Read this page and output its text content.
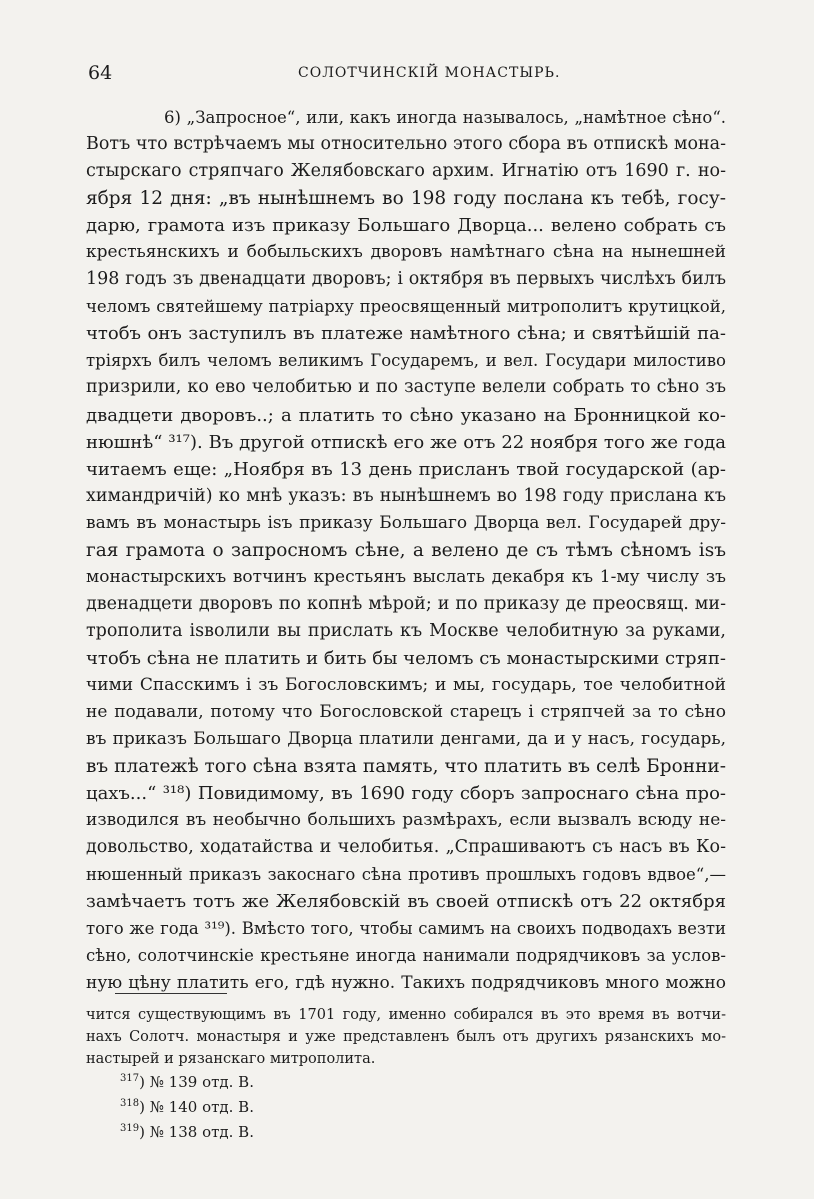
64	СОЛОТЧИНСКІЙ МОНАСТЫРЬ.
6) „Запросное“, или, какъ иногда называлось, „намѣтное сѣно“.
Вотъ что встрѣчаемъ мы относительно этого сбора въ отпискѣ мона-
стырскаго стряпчаго Желябовскаго архим. Игнатію отъ 1690 г. но-
ября 12 дня: „въ нынѣшнемъ во 198 году послана къ тебѣ, госу-
дарю, грамота изъ приказу Большаго Дворца... велено собрать съ
крестьянскихъ и бобыльскихъ дворовъ намѣтнаго сѣна на нынешней
198 годъ зъ двенадцати дворовъ; і октября въ первыхъ числѣхъ билъ
челомъ святейшему патріарху преосвященный митрополитъ крутицкой,
чтобъ онъ заступилъ въ платеже намѣтного сѣна; и святѣйшій па-
тріярхъ билъ челомъ великимъ Государемъ, и вел. Государи милостиво
призрили, ко ево челобитью и по заступе велели собрать то сѣно зъ
двадцети дворовъ..; а платить то сѣно указано на Бронницкой ко-
нюшнѣ“ ³¹⁷). Въ другой отпискѣ его же отъ 22 ноября того же года
читаемъ еще: „Ноября въ 13 день присланъ твой государской (ар-
химандричій) ко мнѣ указъ: въ нынѣшнемъ во 198 году прислана къ
вамъ въ монастырь іsъ приказу Большаго Дворца вел. Государей дру-
гая грамота о запросномъ сѣне, а велено де съ тѣмъ сѣномъ іsъ
монастырскихъ вотчинъ крестьянъ выслать декабря къ 1-му числу зъ
двенадцети дворовъ по копнѣ мѣрой; и по приказу де преосвящ. ми-
трополита іsволили вы прислать къ Москве челобитную за руками,
чтобъ сѣна не платить и бить бы челомъ съ монастырскими стряп-
чими Спасскимъ і зъ Богословскимъ; и мы, государь, тое челобитной
не подавали, потому что Богословской старецъ і стряпчей за то сѣно
въ приказъ Большаго Дворца платили денгами, да и у насъ, государь,
въ платежѣ того сѣна взята память, что платить въ селѣ Бронни-
цахъ...“ ³¹⁸) Повидимому, въ 1690 году сборъ запроснаго сѣна про-
изводился въ необычно большихъ размѣрахъ, если вызвалъ всюду не-
довольство, ходатайства и челобитья. „Спрашиваютъ съ насъ въ Ко-
нюшенный приказъ закоснаго сѣна противъ прошлыхъ годовъ вдвое“,—
замѣчаетъ тотъ же Желябовскій въ своей отпискѣ отъ 22 октября
того же года ³¹⁹). Вмѣсто того, чтобы самимъ на своихъ подводахъ везти
сѣно, солотчинскіе крестьяне иногда нанимали подрядчиковъ за услов-
ную цѣну платить его, гдѣ нужно. Такихъ подрядчиковъ много можно
чится существующимъ въ 1701 году, именно собирался въ это время въ вотчи-
нахъ Солотч. монастыря и уже представленъ былъ отъ другихъ рязанскихъ мо-
настырей и рязанскаго митрополита.
$^{317}$) № 139 отд. В.
$^{318}$) № 140 отд. В.
$^{319}$) № 138 отд. В.
